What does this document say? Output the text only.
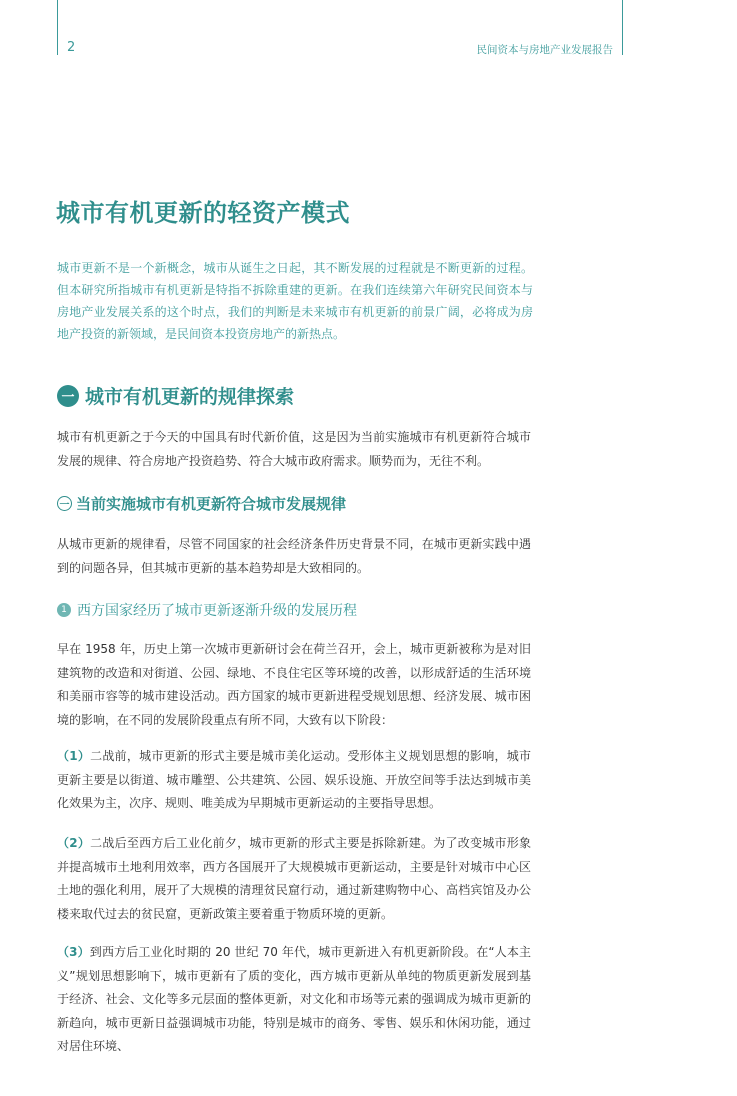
2	民间资本与房地产业发展报告
城市有机更新的轻资产模式

城市更新不是一个新概念，城市从诞生之日起，其不断发展的过程就是不断更新的过程。但本研究所指城市有机更新是特指不拆除重建的更新。在我们连续第六年研究民间资本与房地产业发展关系的这个时点，我们的判断是未来城市有机更新的前景广阔，必将成为房地产投资的新领域，是民间资本投资房地产的新热点。

一 城市有机更新的规律探索

城市有机更新之于今天的中国具有时代新价值，这是因为当前实施城市有机更新符合城市发展的规律、符合房地产投资趋势、符合大城市政府需求。顺势而为，无往不利。

一 当前实施城市有机更新符合城市发展规律

从城市更新的规律看，尽管不同国家的社会经济条件历史背景不同，在城市更新实践中遇到的问题各异，但其城市更新的基本趋势却是大致相同的。

1 西方国家经历了城市更新逐渐升级的发展历程

早在 1958 年，历史上第一次城市更新研讨会在荷兰召开，会上，城市更新被称为是对旧建筑物的改造和对街道、公园、绿地、不良住宅区等环境的改善，以形成舒适的生活环境和美丽市容等的城市建设活动。西方国家的城市更新进程受规划思想、经济发展、城市困境的影响，在不同的发展阶段重点有所不同，大致有以下阶段：

（1）二战前，城市更新的形式主要是城市美化运动。受形体主义规划思想的影响，城市更新主要是以街道、城市雕塑、公共建筑、公园、娱乐设施、开放空间等手法达到城市美化效果为主，次序、规则、唯美成为早期城市更新运动的主要指导思想。

（2）二战后至西方后工业化前夕，城市更新的形式主要是拆除新建。为了改变城市形象并提高城市土地利用效率，西方各国展开了大规模城市更新运动，主要是针对城市中心区土地的强化利用，展开了大规模的清理贫民窟行动，通过新建购物中心、高档宾馆及办公楼来取代过去的贫民窟，更新政策主要着重于物质环境的更新。

（3）到西方后工业化时期的 20 世纪 70 年代，城市更新进入有机更新阶段。在“人本主义”规划思想影响下，城市更新有了质的变化，西方城市更新从单纯的物质更新发展到基于经济、社会、文化等多元层面的整体更新，对文化和市场等元素的强调成为城市更新的新趋向，城市更新日益强调城市功能，特别是城市的商务、零售、娱乐和休闲功能，通过对居住环境、
